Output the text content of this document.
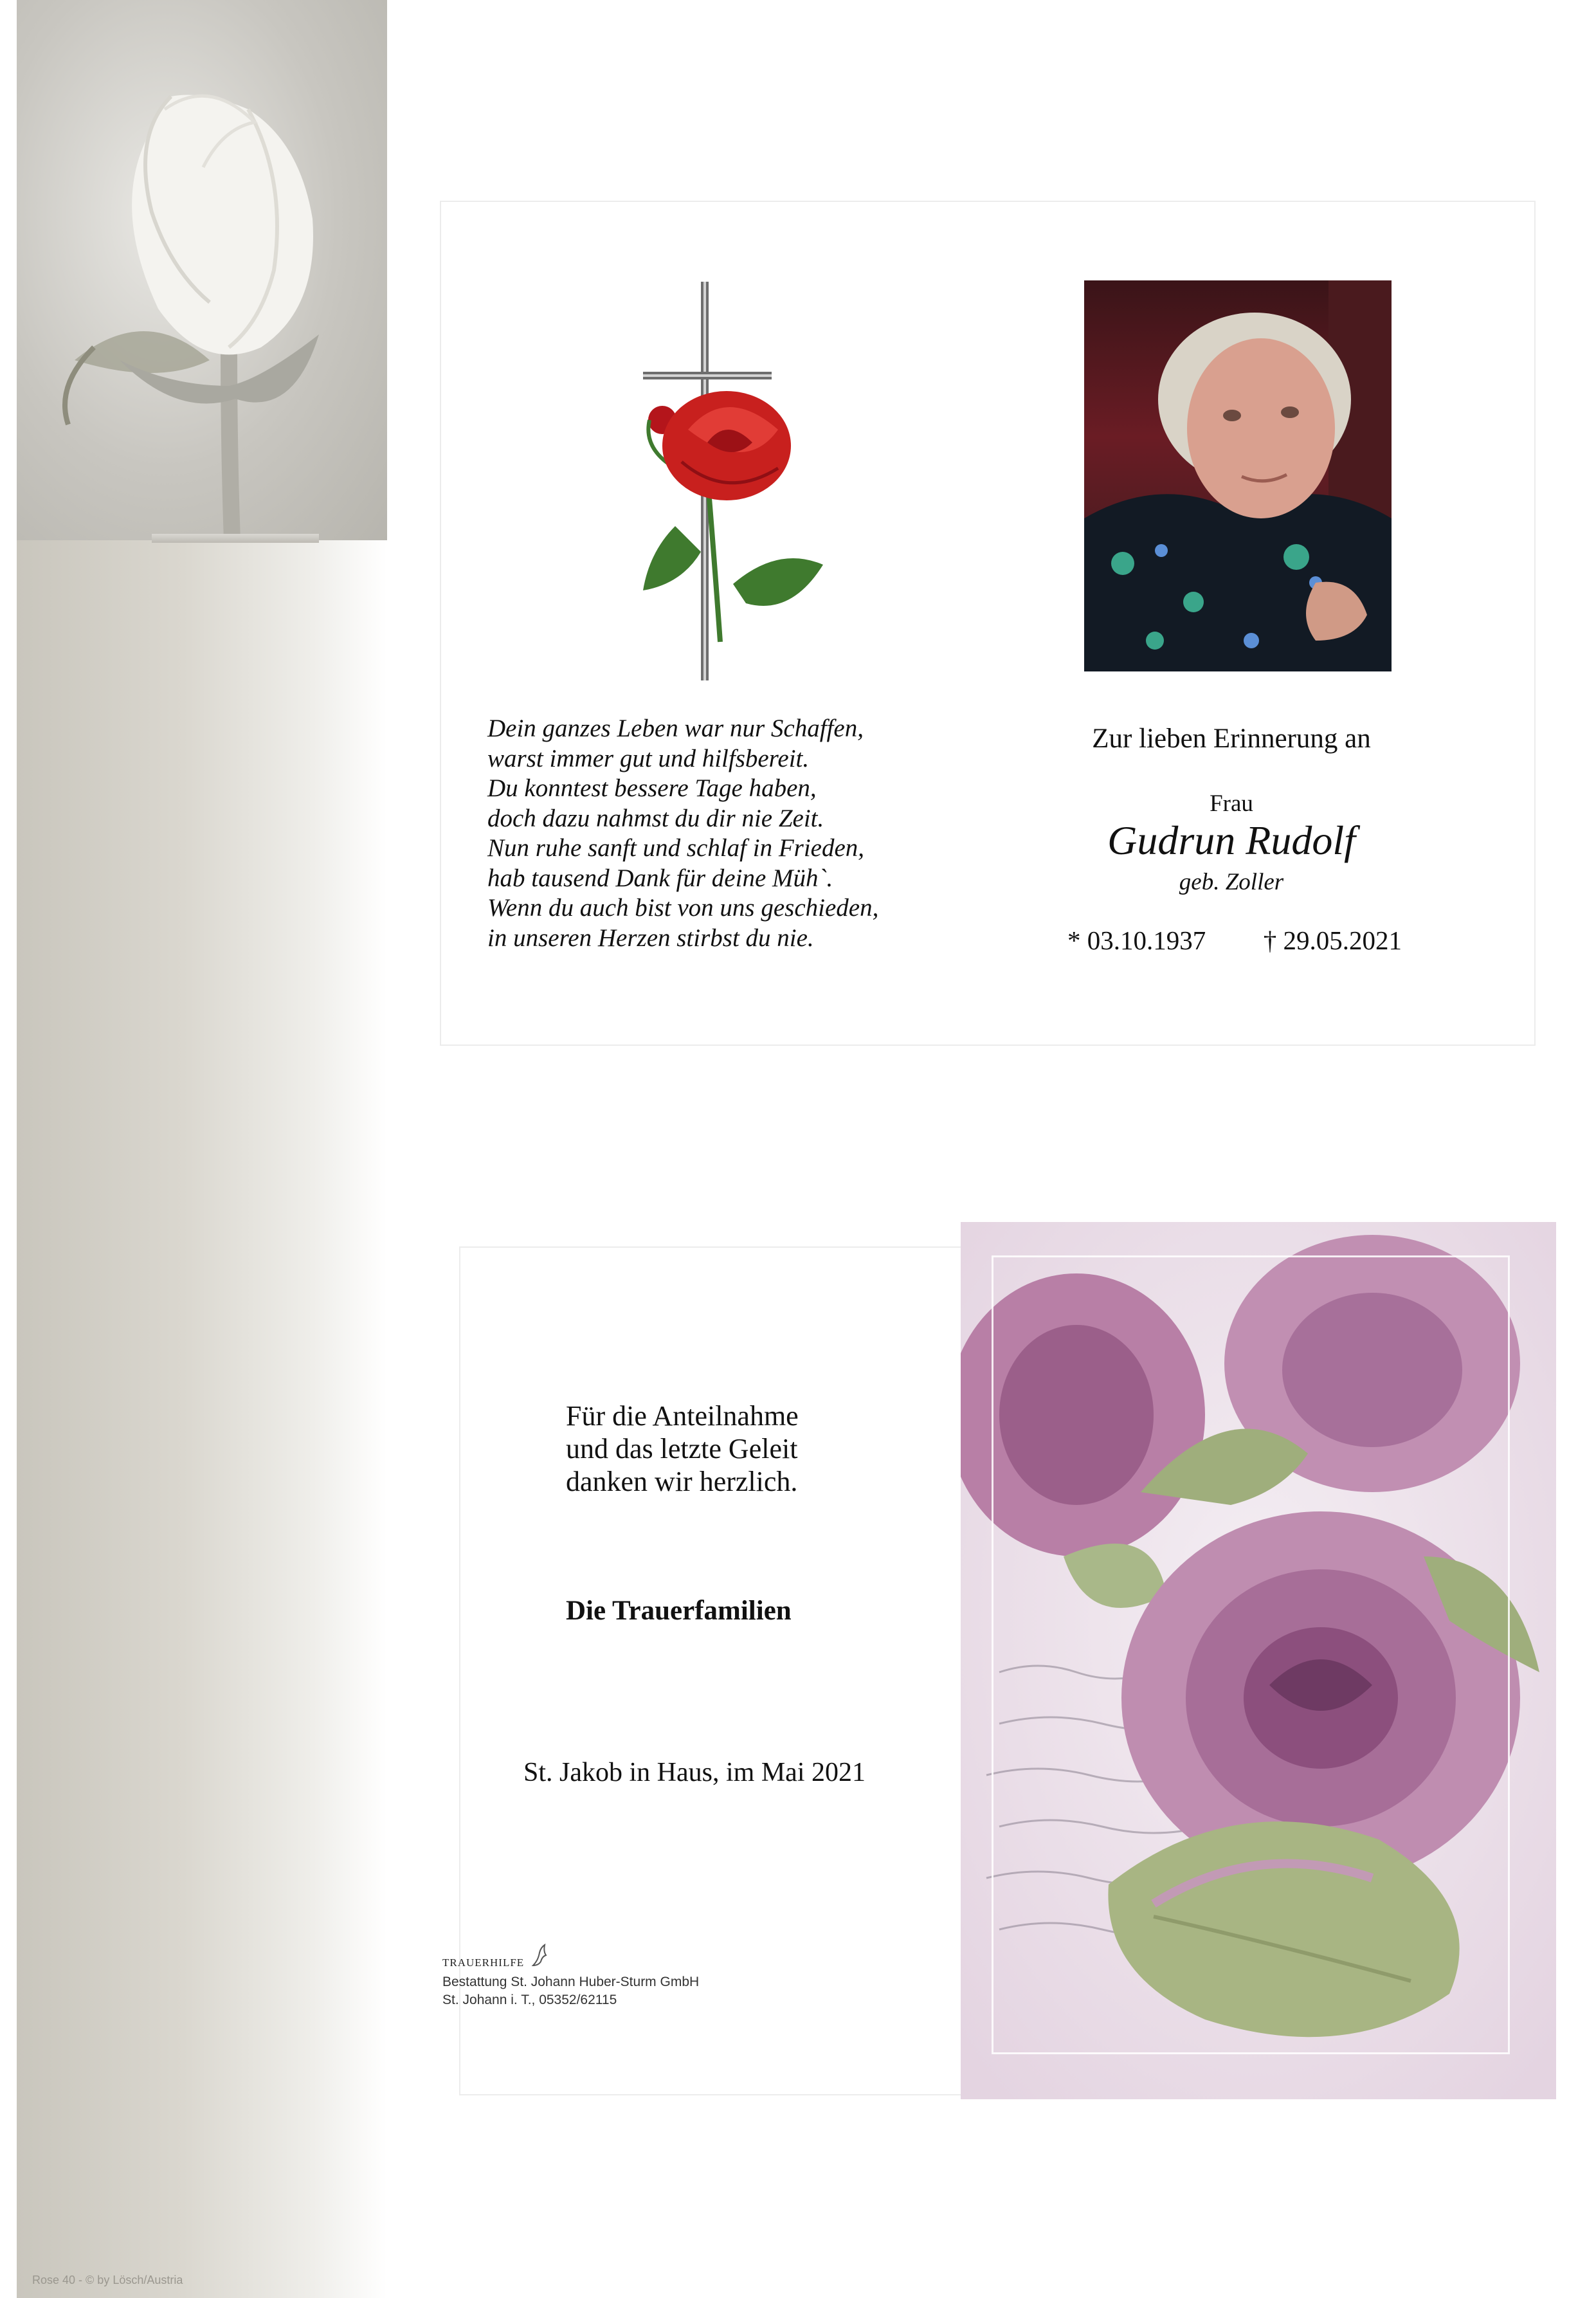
Rose 40 - © by Lösch/Austria
Dein ganzes Leben war nur Schaffen,
warst immer gut und hilfsbereit.
Du konntest bessere Tage haben,
doch dazu nahmst du dir nie Zeit.
Nun ruhe sanft und schlaf in Frieden,
hab tausend Dank für deine Müh`.
Wenn du auch bist von uns geschieden,
in unseren Herzen stirbst du nie.
Zur lieben Erinnerung an
Frau
Gudrun Rudolf
geb. Zoller
* 03.10.1937 † 29.05.2021
Für die Anteilnahme
und das letzte Geleit
danken wir herzlich.
Die Trauerfamilien
St. Jakob in Haus, im Mai 2021
TRAUERHILFE
Bestattung St. Johann Huber-Sturm GmbH
St. Johann i. T., 05352/62115
